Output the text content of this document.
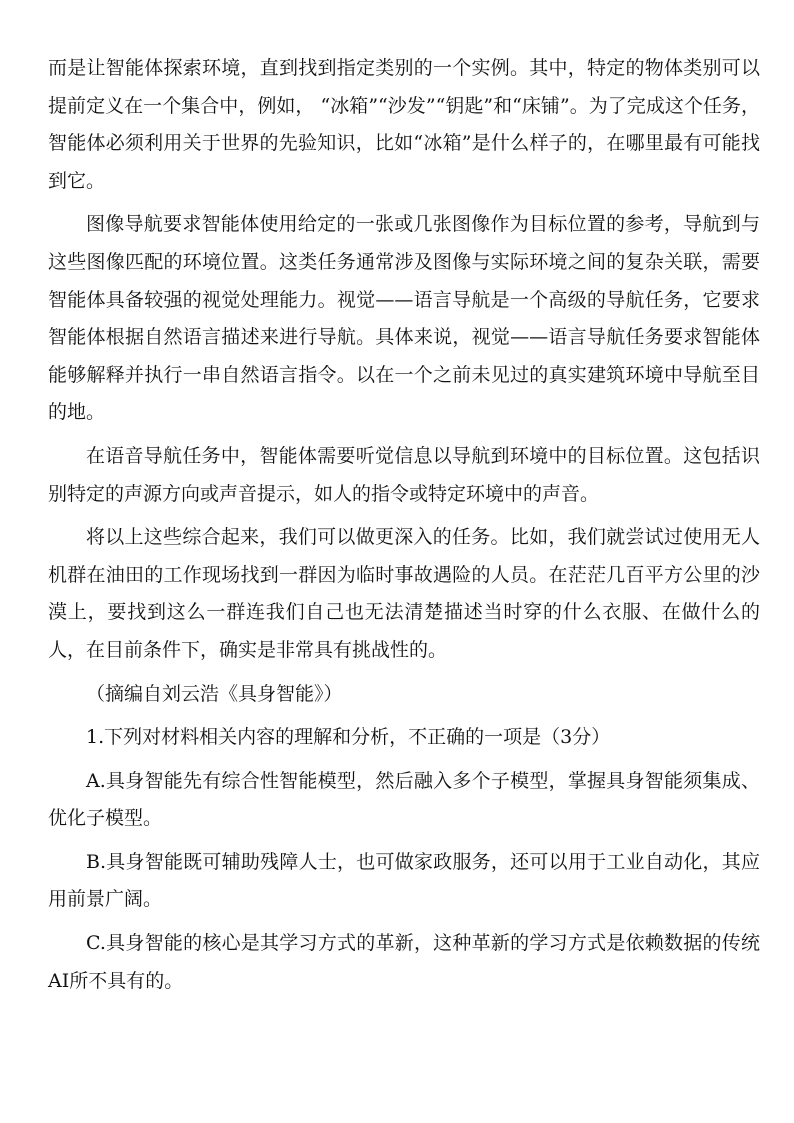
而是让智能体探索环境，直到找到指定类别的一个实例。其中，特定的物体类别可以提前定义在一个集合中，例如， “冰箱”“沙发”“钥匙”和“床铺”。为了完成这个任务，智能体必须利用关于世界的先验知识，比如“冰箱”是什么样子的，在哪里最有可能找到它。

图像导航要求智能体使用给定的一张或几张图像作为目标位置的参考，导航到与这些图像匹配的环境位置。这类任务通常涉及图像与实际环境之间的复杂关联，需要智能体具备较强的视觉处理能力。视觉——语言导航是一个高级的导航任务，它要求智能体根据自然语言描述来进行导航。具体来说，视觉——语言导航任务要求智能体能够解释并执行一串自然语言指令。以在一个之前未见过的真实建筑环境中导航至目的地。

在语音导航任务中，智能体需要听觉信息以导航到环境中的目标位置。这包括识别特定的声源方向或声音提示，如人的指令或特定环境中的声音。

将以上这些综合起来，我们可以做更深入的任务。比如，我们就尝试过使用无人机群在油田的工作现场找到一群因为临时事故遇险的人员。在茫茫几百平方公里的沙漠上，要找到这么一群连我们自己也无法清楚描述当时穿的什么衣服、在做什么的人，在目前条件下，确实是非常具有挑战性的。

（摘编自刘云浩《具身智能》）

1.下列对材料相关内容的理解和分析，不正确的一项是（3分）

A.具身智能先有综合性智能模型，然后融入多个子模型，掌握具身智能须集成、优化子模型。

B.具身智能既可辅助残障人士，也可做家政服务，还可以用于工业自动化，其应用前景广阔。

C.具身智能的核心是其学习方式的革新，这种革新的学习方式是依赖数据的传统AI所不具有的。
